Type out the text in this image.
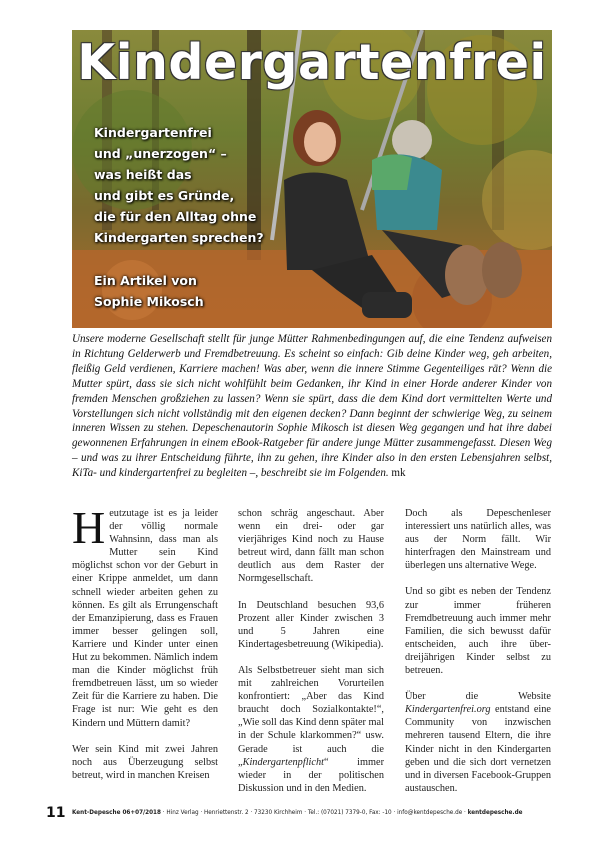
Kindergartenfrei
Kindergartenfrei
und „unerzogen“ –
was heißt das
und gibt es Gründe,
die für den Alltag ohne
Kindergarten sprechen?
Ein Artikel von
Sophie Mikosch
Unsere moderne Gesellschaft stellt für junge Mütter Rahmenbedingungen auf, die eine Tendenz aufweisen in Richtung Gelderwerb und Fremdbetreuung. Es scheint so einfach: Gib deine Kinder weg, geh arbeiten, fleißig Geld verdienen, Karriere machen! Was aber, wenn die innere Stimme Gegenteiliges rät? Wenn die Mutter spürt, dass sie sich nicht wohlfühlt beim Gedanken, ihr Kind in einer Horde anderer Kinder von fremden Menschen großziehen zu lassen? Wenn sie spürt, dass die dem Kind dort vermittelten Werte und Vorstellungen sich nicht vollständig mit den eigenen decken? Dann beginnt der schwierige Weg, zu seinem inneren Wissen zu stehen. Depeschenautorin Sophie Mikosch ist diesen Weg gegangen und hat ihre dabei gewonnenen Erfahrungen in einem eBook-Ratgeber für andere junge Mütter zusammengefasst. Diesen Weg – und was zu ihrer Entscheidung führte, ihn zu gehen, ihre Kinder also in den ersten Lebensjahren selbst, KiTa- und kindergartenfrei zu begleiten –, beschreibt sie im Folgenden. mk

Heutzutage ist es ja leider der völlig normale Wahnsinn, dass man als Mutter sein Kind möglichst schon vor der Geburt in einer Krippe anmeldet, um dann schnell wieder arbeiten gehen zu können. Es gilt als Errungenschaft der Emanzipierung, dass es Frauen immer besser gelingen soll, Karriere und Kinder unter einen Hut zu bekommen. Nämlich indem man die Kinder möglichst früh fremdbetreuen lässt, um so wieder Zeit für die Karriere zu haben. Die Frage ist nur: Wie geht es den Kindern und Müttern damit?

Wer sein Kind mit zwei Jahren noch aus Überzeugung selbst betreut, wird in manchen Kreisen

schon schräg angeschaut. Aber wenn ein drei- oder gar vierjähriges Kind noch zu Hause betreut wird, dann fällt man schon deutlich aus dem Raster der Normgesellschaft.

In Deutschland besuchen 93,6 Prozent aller Kinder zwischen 3 und 5 Jahren eine Kindertagesbetreuung (Wikipedia).

Als Selbstbetreuer sieht man sich mit zahlreichen Vorurteilen konfrontiert: „Aber das Kind braucht doch Sozialkontakte!“, „Wie soll das Kind denn später mal in der Schule klarkommen?“ usw. Gerade ist auch die „Kindergartenpflicht“ immer wieder in der politischen Diskussion und in den Medien.

Doch als Depeschenleser interessiert uns natürlich alles, was aus der Norm fällt. Wir hinterfragen den Mainstream und überlegen uns alternative Wege.

Und so gibt es neben der Tendenz zur immer früheren Fremdbetreuung auch immer mehr Familien, die sich bewusst dafür entscheiden, auch ihre über-dreijährigen Kinder selbst zu betreuen.

Über die Website Kindergartenfrei.org entstand eine Community von inzwischen mehreren tausend Eltern, die ihre Kinder nicht in den Kindergarten geben und die sich dort vernetzen und in diversen Facebook-Gruppen austauschen.

11 Kent-Depesche 06+07/2018 · Hinz Verlag · Henriettenstr. 2 · 73230 Kirchheim · Tel.: (07021) 7379-0, Fax: -10 · info@kentdepesche.de · kentdepesche.de
